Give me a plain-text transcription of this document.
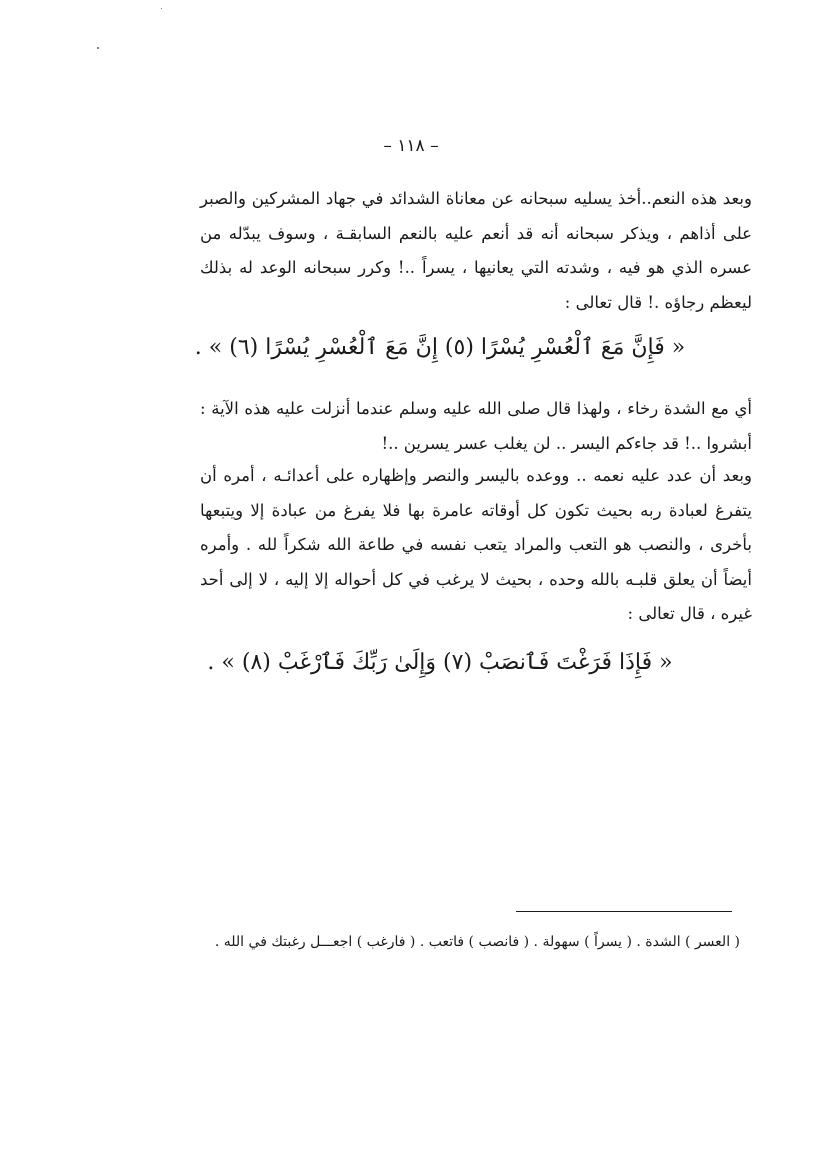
– ١١٨ –

وبعد هذه النعم..أخذ يسليه سبحانه عن معاناة الشدائد في جهاد المشركين والصبر على أذاهم ، ويذكر سبحانه أنه قد أنعم عليه بالنعم السابقـة ، وسوف يبدّله من عسره الذي هو فيه ، وشدته التي يعانيها ، يسراً ..! وكرر سبحانه الوعد له بذلك ليعظم رجاؤه .! قال تعالى :

« فَإِنَّ مَعَ ٱلْعُسْرِ يُسْرًا (٥) إِنَّ مَعَ ٱلْعُسْرِ يُسْرًا (٦) » .

أي مع الشدة رخاء ، ولهذا قال صلى الله عليه وسلم عندما أنزلت عليه هذه الآية : أبشروا ..! قد جاءكم اليسر .. لن يغلب عسر يسرين ..!

وبعد أن عدد عليه نعمه .. ووعده باليسر والنصر وإظهاره على أعدائـه ، أمره أن يتفرغ لعبادة ربه بحيث تكون كل أوقاته عامرة بها فلا يفرغ من عبادة إلا ويتبعها بأخرى ، والنصب هو التعب والمراد يتعب نفسه في طاعة الله شكراً لله . وأمره أيضاً أن يعلق قلبـه بالله وحده ، بحيث لا يرغب في كل أحواله إلا إليه ، لا إلى أحد غيره ، قال تعالى :

« فَإِذَا فَرَغْتَ فَٱنصَبْ (٧) وَإِلَىٰ رَبِّكَ فَٱرْغَبْ (٨) » .

( العسر ) الشدة . ( يسراً ) سهولة . ( فانصب ) فاتعب . ( فارغب ) اجعـــل رغبتك في الله .
